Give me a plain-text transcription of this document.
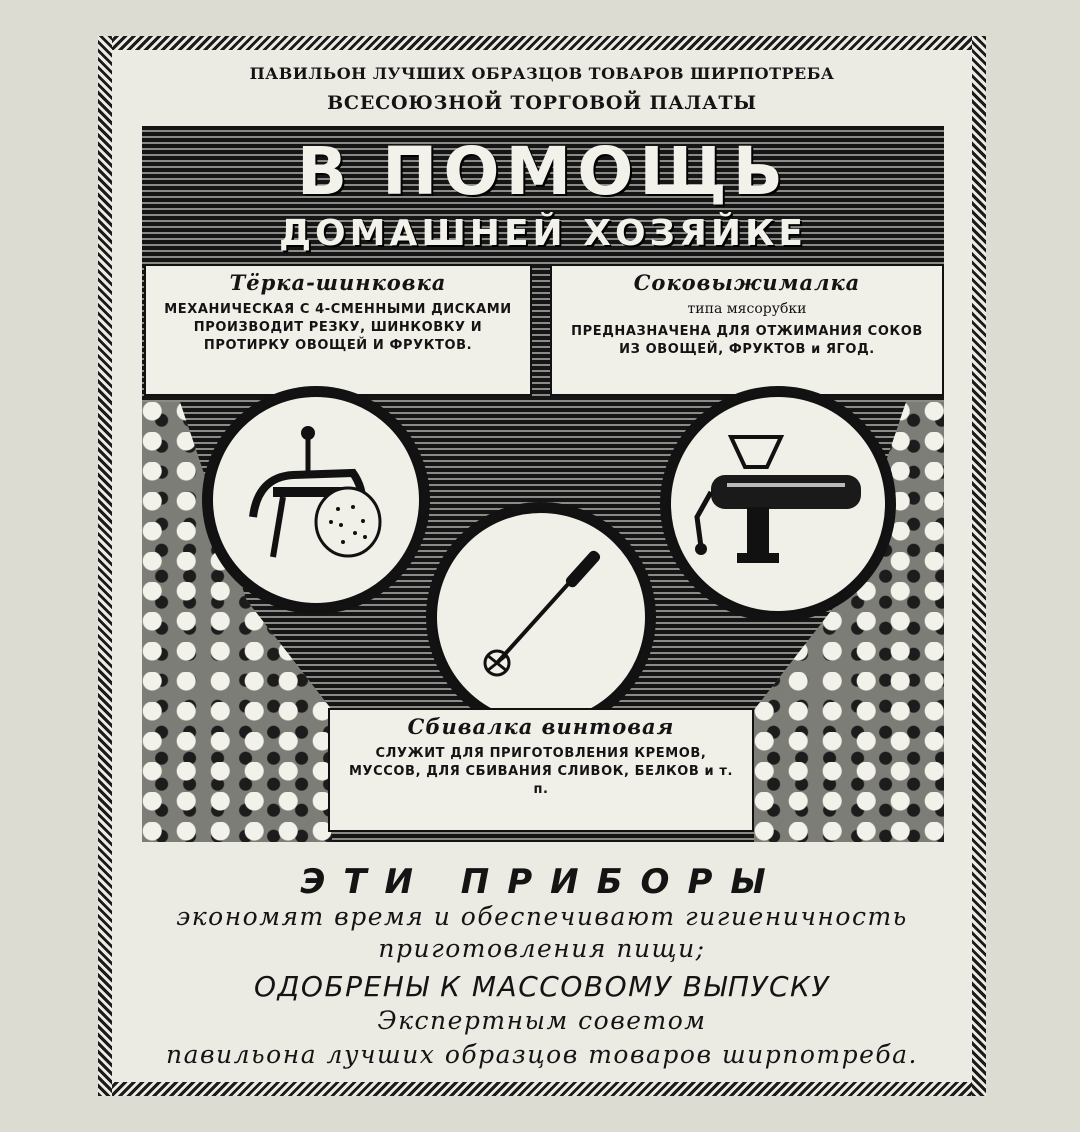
ПАВИЛЬОН ЛУЧШИХ ОБРАЗЦОВ ТОВАРОВ ШИРПОТРЕБА
ВСЕСОЮЗНОЙ ТОРГОВОЙ ПАЛАТЫ
В ПОМОЩЬ
ДОМАШНЕЙ ХОЗЯЙКЕ
Тёрка-шинковка
МЕХАНИЧЕСКАЯ С 4-СМЕННЫМИ ДИСКАМИ ПРОИЗВОДИТ РЕЗКУ, ШИНКОВКУ И ПРОТИРКУ ОВОЩЕЙ И ФРУКТОВ.
Соковыжималка
типа мясорубки
ПРЕДНАЗНАЧЕНА ДЛЯ ОТЖИМАНИЯ СОКОВ ИЗ ОВОЩЕЙ, ФРУКТОВ и ЯГОД.
Сбивалка винтовая
СЛУЖИТ ДЛЯ ПРИГОТОВЛЕНИЯ КРЕМОВ, МУССОВ, ДЛЯ СБИВАНИЯ СЛИВОК, БЕЛКОВ и т. п.
ЭТИ ПРИБОРЫ
экономят время и обеспечивают гигиеничность
приготовления пищи;
ОДОБРЕНЫ К МАССОВОМУ ВЫПУСКУ
Экспертным советом
павильона лучших образцов товаров ширпотреба.
